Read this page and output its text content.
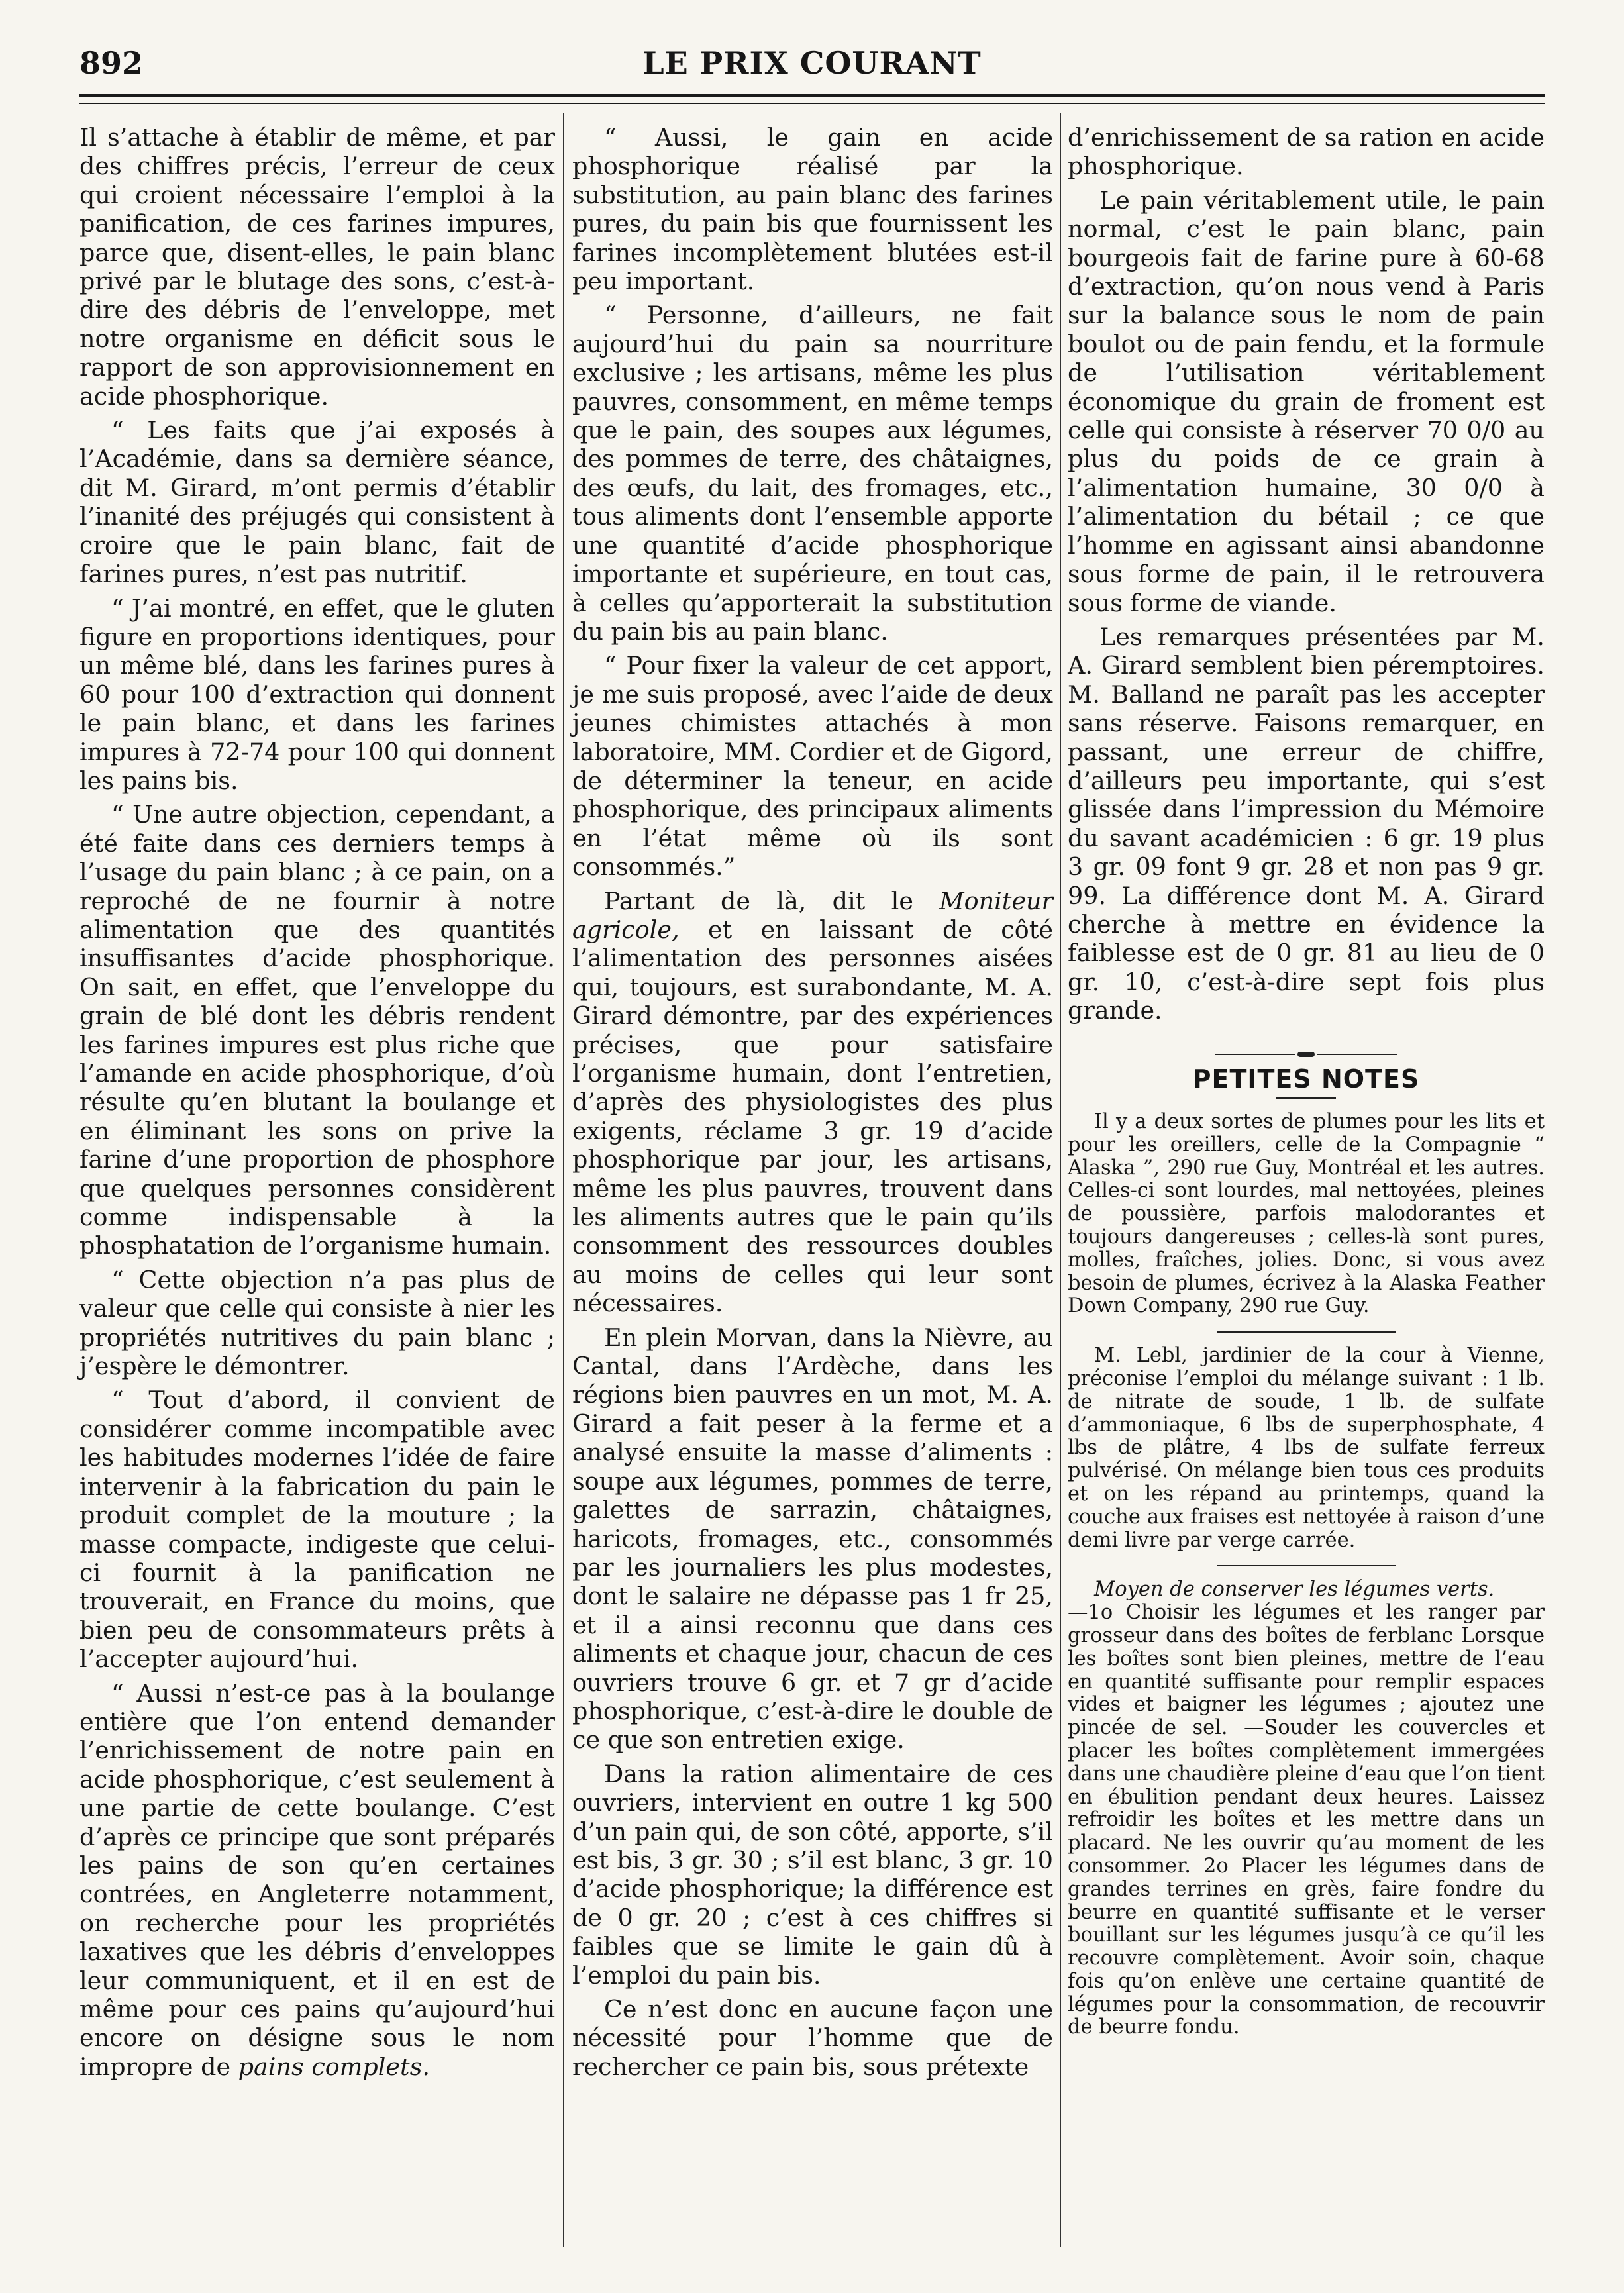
892	LE PRIX COURANT

Il s’attache à établir de même, et par des chiffres précis, l’erreur de ceux qui croient nécessaire l’emploi à la panification, de ces farines impures, parce que, disent-elles, le pain blanc privé par le blutage des sons, c’est-à-dire des débris de l’enveloppe, met notre organisme en déficit sous le rapport de son approvisionnement en acide phosphorique.

“ Les faits que j’ai exposés à l’Académie, dans sa dernière séance, dit M. Girard, m’ont permis d’établir l’inanité des préjugés qui consistent à croire que le pain blanc, fait de farines pures, n’est pas nutritif.

“ J’ai montré, en effet, que le gluten figure en proportions identiques, pour un même blé, dans les farines pures à 60 pour 100 d’extraction qui donnent le pain blanc, et dans les farines impures à 72-74 pour 100 qui donnent les pains bis.

“ Une autre objection, cependant, a été faite dans ces derniers temps à l’usage du pain blanc ; à ce pain, on a reproché de ne fournir à notre alimentation que des quantités insuffisantes d’acide phosphorique. On sait, en effet, que l’enveloppe du grain de blé dont les débris rendent les farines impures est plus riche que l’amande en acide phosphorique, d’où résulte qu’en blutant la boulange et en éliminant les sons on prive la farine d’une proportion de phosphore que quelques personnes considèrent comme indispensable à la phosphatation de l’organisme humain.

“ Cette objection n’a pas plus de valeur que celle qui consiste à nier les propriétés nutritives du pain blanc ; j’espère le démontrer.

“ Tout d’abord, il convient de considérer comme incompatible avec les habitudes modernes l’idée de faire intervenir à la fabrication du pain le produit complet de la mouture ; la masse compacte, indigeste que celui-ci fournit à la panification ne trouverait, en France du moins, que bien peu de consommateurs prêts à l’accepter aujourd’hui.

“ Aussi n’est-ce pas à la boulange entière que l’on entend demander l’enrichissement de notre pain en acide phosphorique, c’est seulement à une partie de cette boulange. C’est d’après ce principe que sont préparés les pains de son qu’en certaines contrées, en Angleterre notamment, on recherche pour les propriétés laxatives que les débris d’enveloppes leur communiquent, et il en est de même pour ces pains qu’aujourd’hui encore on désigne sous le nom impropre de pains complets.

“ Aussi, le gain en acide phosphorique réalisé par la substitution, au pain blanc des farines pures, du pain bis que fournissent les farines incomplètement blutées est-il peu important.

“ Personne, d’ailleurs, ne fait aujourd’hui du pain sa nourriture exclusive ; les artisans, même les plus pauvres, consomment, en même temps que le pain, des soupes aux légumes, des pommes de terre, des châtaignes, des œufs, du lait, des fromages, etc., tous aliments dont l’ensemble apporte une quantité d’acide phosphorique importante et supérieure, en tout cas, à celles qu’apporterait la substitution du pain bis au pain blanc.

“ Pour fixer la valeur de cet apport, je me suis proposé, avec l’aide de deux jeunes chimistes attachés à mon laboratoire, MM. Cordier et de Gigord, de déterminer la teneur, en acide phosphorique, des principaux aliments en l’état même où ils sont consommés.”

Partant de là, dit le Moniteur agricole, et en laissant de côté l’alimentation des personnes aisées qui, toujours, est surabondante, M. A. Girard démontre, par des expériences précises, que pour satisfaire l’organisme humain, dont l’entretien, d’après des physiologistes des plus exigents, réclame 3 gr. 19 d’acide phosphorique par jour, les artisans, même les plus pauvres, trouvent dans les aliments autres que le pain qu’ils consomment des ressources doubles au moins de celles qui leur sont nécessaires.

En plein Morvan, dans la Nièvre, au Cantal, dans l’Ardèche, dans les régions bien pauvres en un mot, M. A. Girard a fait peser à la ferme et a analysé ensuite la masse d’aliments : soupe aux légumes, pommes de terre, galettes de sarrazin, châtaignes, haricots, fromages, etc., consommés par les journaliers les plus modestes, dont le salaire ne dépasse pas 1 fr 25, et il a ainsi reconnu que dans ces aliments et chaque jour, chacun de ces ouvriers trouve 6 gr. et 7 gr d’acide phosphorique, c’est-à-dire le double de ce que son entretien exige.

Dans la ration alimentaire de ces ouvriers, intervient en outre 1 kg 500 d’un pain qui, de son côté, apporte, s’il est bis, 3 gr. 30 ; s’il est blanc, 3 gr. 10 d’acide phosphorique; la différence est de 0 gr. 20 ; c’est à ces chiffres si faibles que se limite le gain dû à l’emploi du pain bis.

Ce n’est donc en aucune façon une nécessité pour l’homme que de rechercher ce pain bis, sous prétexte

d’enrichissement de sa ration en acide phosphorique.

Le pain véritablement utile, le pain normal, c’est le pain blanc, pain bourgeois fait de farine pure à 60-68 d’extraction, qu’on nous vend à Paris sur la balance sous le nom de pain boulot ou de pain fendu, et la formule de l’utilisation véritablement économique du grain de froment est celle qui consiste à réserver 70 0/0 au plus du poids de ce grain à l’alimentation humaine, 30 0/0 à l’alimentation du bétail ; ce que l’homme en agissant ainsi abandonne sous forme de pain, il le retrouvera sous forme de viande.

Les remarques présentées par M. A. Girard semblent bien péremptoires. M. Balland ne paraît pas les accepter sans réserve. Faisons remarquer, en passant, une erreur de chiffre, d’ailleurs peu importante, qui s’est glissée dans l’impression du Mémoire du savant académicien : 6 gr. 19 plus 3 gr. 09 font 9 gr. 28 et non pas 9 gr. 99. La différence dont M. A. Girard cherche à mettre en évidence la faiblesse est de 0 gr. 81 au lieu de 0 gr. 10, c’est-à-dire sept fois plus grande.

PETITES NOTES

Il y a deux sortes de plumes pour les lits et pour les oreillers, celle de la Compagnie “ Alaska ”, 290 rue Guy, Montréal et les autres. Celles-ci sont lourdes, mal nettoyées, pleines de poussière, parfois malodorantes et toujours dangereuses ; celles-là sont pures, molles, fraîches, jolies. Donc, si vous avez besoin de plumes, écrivez à la Alaska Feather Down Company, 290 rue Guy.

M. Lebl, jardinier de la cour à Vienne, préconise l’emploi du mélange suivant : 1 lb. de nitrate de soude, 1 lb. de sulfate d’ammoniaque, 6 lbs de superphosphate, 4 lbs de plâtre, 4 lbs de sulfate ferreux pulvérisé. On mélange bien tous ces produits et on les répand au printemps, quand la couche aux fraises est nettoyée à raison d’une demi livre par verge carrée.

Moyen de conserver les légumes verts.
—1o Choisir les légumes et les ranger par grosseur dans des boîtes de ferblanc Lorsque les boîtes sont bien pleines, mettre de l’eau en quantité suffisante pour remplir espaces vides et baigner les légumes ; ajoutez une pincée de sel. —Souder les couvercles et placer les boîtes complètement immergées dans une chaudière pleine d’eau que l’on tient en ébulition pendant deux heures. Laissez refroidir les boîtes et les mettre dans un placard. Ne les ouvrir qu’au moment de les consommer. 2o Placer les légumes dans de grandes terrines en grès, faire fondre du beurre en quantité suffisante et le verser bouillant sur les légumes jusqu’à ce qu’il les recouvre complètement. Avoir soin, chaque fois qu’on enlève une certaine quantité de légumes pour la consommation, de recouvrir de beurre fondu.
